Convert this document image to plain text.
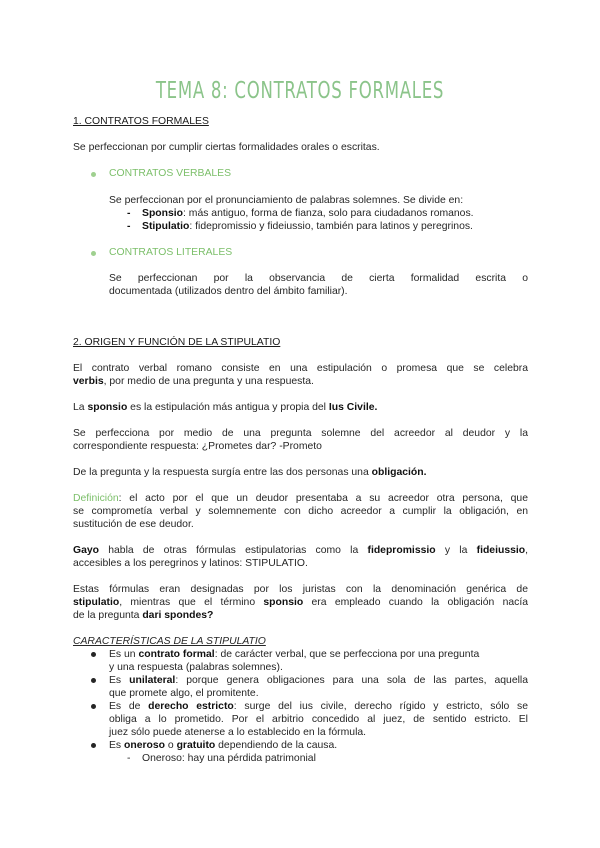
TEMA 8: CONTRATOS FORMALES
1. CONTRATOS FORMALES
Se perfeccionan por cumplir ciertas formalidades orales o escritas.
CONTRATOS VERBALES
Se perfeccionan por el pronunciamiento de palabras solemnes. Se divide en:
- Sponsio: más antiguo, forma de fianza, solo para ciudadanos romanos.
- Stipulatio: fidepromissio y fideiussio, también para latinos y peregrinos.
CONTRATOS LITERALES
Se perfeccionan por la observancia de cierta formalidad escrita o
documentada (utilizados dentro del ámbito familiar).
2. ORIGEN Y FUNCIÓN DE LA STIPULATIO
El contrato verbal romano consiste en una estipulación o promesa que se celebra
verbis, por medio de una pregunta y una respuesta.
La sponsio es la estipulación más antigua y propia del Ius Civile.
Se perfecciona por medio de una pregunta solemne del acreedor al deudor y la
correspondiente respuesta: ¿Prometes dar? -Prometo
De la pregunta y la respuesta surgía entre las dos personas una obligación.
Definición: el acto por el que un deudor presentaba a su acreedor otra persona, que
se comprometía verbal y solemnemente con dicho acreedor a cumplir la obligación, en
sustitución de ese deudor.
Gayo habla de otras fórmulas estipulatorias como la fidepromissio y la fideiussio,
accesibles a los peregrinos y latinos: STIPULATIO.
Estas fórmulas eran designadas por los juristas con la denominación genérica de
stipulatio, mientras que el término sponsio era empleado cuando la obligación nacía
de la pregunta dari spondes?
CARACTERÍSTICAS DE LA STIPULATIO
Es un contrato formal: de carácter verbal, que se perfecciona por una pregunta
y una respuesta (palabras solemnes).
Es unilateral: porque genera obligaciones para una sola de las partes, aquella
que promete algo, el promitente.
Es de derecho estricto: surge del ius civile, derecho rígido y estricto, sólo se
obliga a lo prometido. Por el arbitrio concedido al juez, de sentido estricto. El
juez sólo puede atenerse a lo establecido en la fórmula.
Es oneroso o gratuito dependiendo de la causa.
-    Oneroso: hay una pérdida patrimonial
